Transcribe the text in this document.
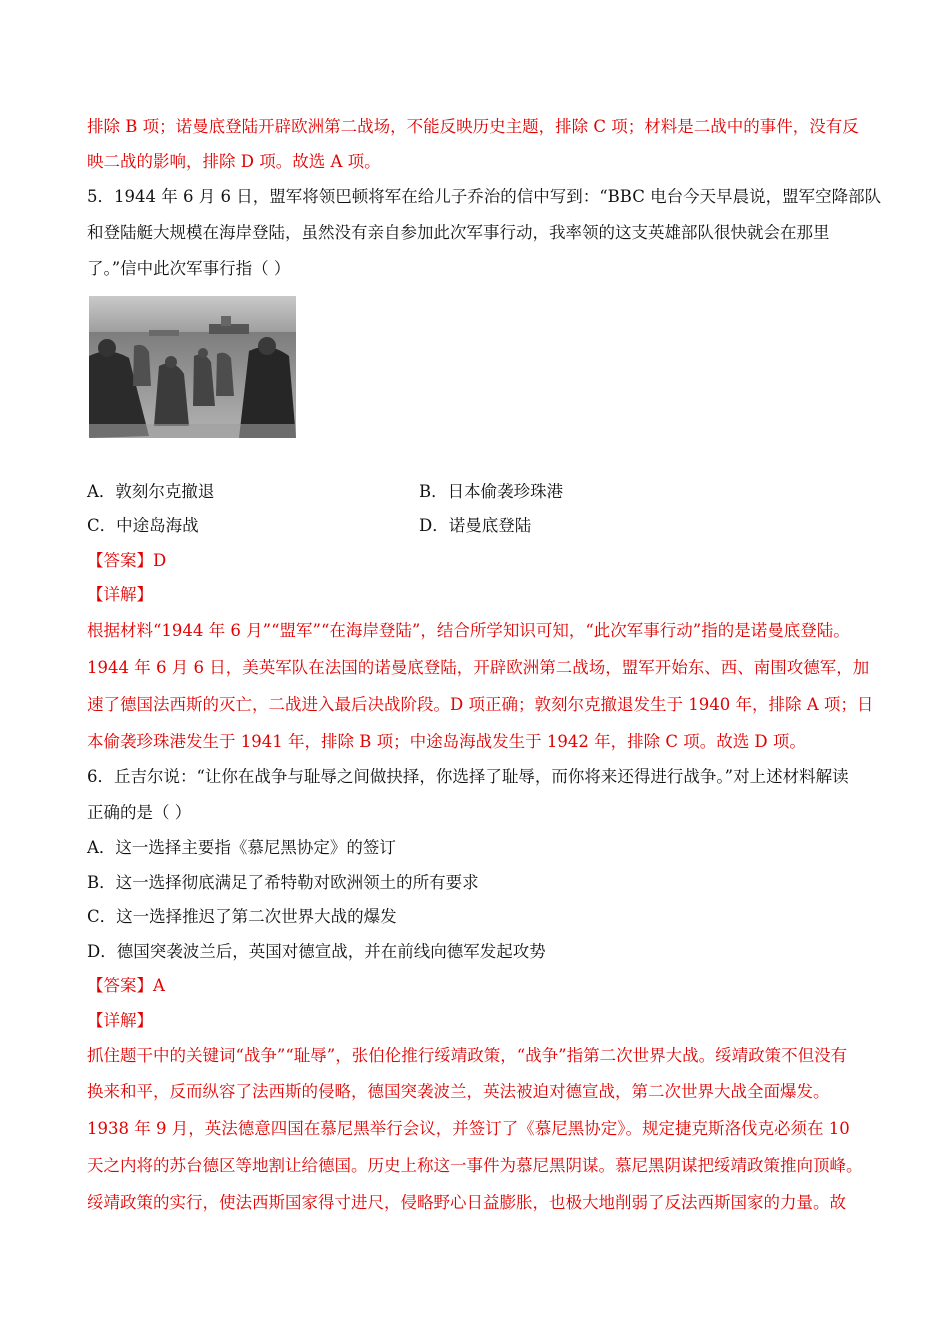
排除 B 项；诺曼底登陆开辟欧洲第二战场，不能反映历史主题，排除 C 项；材料是二战中的事件，没有反
映二战的影响，排除 D 项。故选 A 项。
5．1944 年 6 月 6 日，盟军将领巴顿将军在给儿子乔治的信中写到：“BBC 电台今天早晨说，盟军空降部队
和登陆艇大规模在海岸登陆，虽然没有亲自参加此次军事行动，我率领的这支英雄部队很快就会在那里
了。”信中此次军事行指（ ）
A．敦刻尔克撤退	B．日本偷袭珍珠港
C．中途岛海战	D．诺曼底登陆
【答案】D
【详解】
根据材料“1944 年 6 月”“盟军”“在海岸登陆”，结合所学知识可知，“此次军事行动”指的是诺曼底登陆。
1944 年 6 月 6 日，美英军队在法国的诺曼底登陆，开辟欧洲第二战场，盟军开始东、西、南围攻德军，加
速了德国法西斯的灭亡，二战进入最后决战阶段。D 项正确；敦刻尔克撤退发生于 1940 年，排除 A 项；日
本偷袭珍珠港发生于 1941 年，排除 B 项；中途岛海战发生于 1942 年，排除 C 项。故选 D 项。
6．丘吉尔说：“让你在战争与耻辱之间做抉择，你选择了耻辱，而你将来还得进行战争。”对上述材料解读
正确的是（ ）
A．这一选择主要指《慕尼黑协定》的签订
B．这一选择彻底满足了希特勒对欧洲领土的所有要求
C．这一选择推迟了第二次世界大战的爆发
D．德国突袭波兰后，英国对德宣战，并在前线向德军发起攻势
【答案】A
【详解】
抓住题干中的关键词“战争”“耻辱”，张伯伦推行绥靖政策，“战争”指第二次世界大战。绥靖政策不但没有
换来和平，反而纵容了法西斯的侵略，德国突袭波兰，英法被迫对德宣战，第二次世界大战全面爆发。
1938 年 9 月，英法德意四国在慕尼黑举行会议，并签订了《慕尼黑协定》。规定捷克斯洛伐克必须在 10
天之内将的苏台德区等地割让给德国。历史上称这一事件为慕尼黑阴谋。慕尼黑阴谋把绥靖政策推向顶峰。
绥靖政策的实行，使法西斯国家得寸进尺，侵略野心日益膨胀，也极大地削弱了反法西斯国家的力量。故
